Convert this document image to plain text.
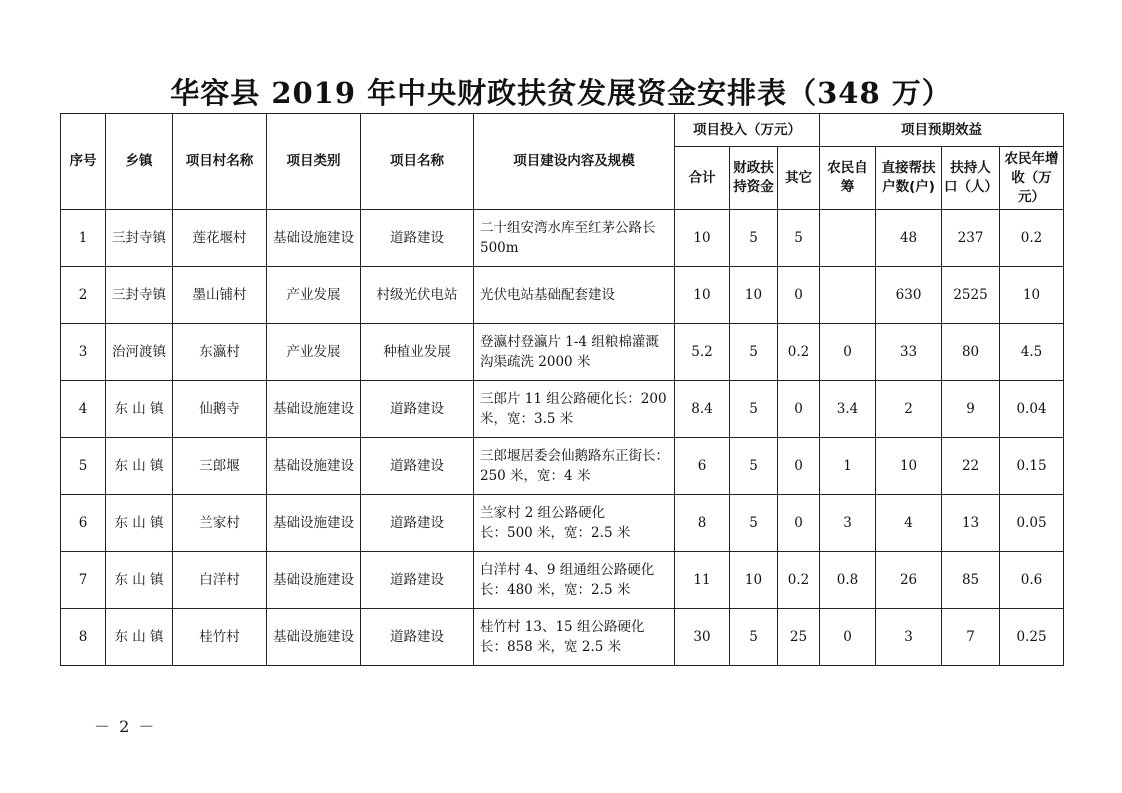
华容县 2019 年中央财政扶贫发展资金安排表（348 万）
序号	乡镇	项目村名称	项目类别	项目名称	项目建设内容及规模	项目投入（万元）			项目预期效益			
						合计	财政扶持资金	其它	农民自筹	直接帮扶户数(户)	扶持人口（人）	农民年增收（万元）
1	三封寺镇	莲花堰村	基础设施建设	道路建设	二十组安湾水库至红茅公路长 500m	10	5	5		48	237	0.2
2	三封寺镇	墨山铺村	产业发展	村级光伏电站	光伏电站基础配套建设	10	10	0		630	2525	10
3	治河渡镇	东瀛村	产业发展	种植业发展	登瀛村登瀛片 1-4 组粮棉灌溉沟渠疏洗 2000 米	5.2	5	0.2	0	33	80	4.5
4	东 山 镇	仙鹅寺	基础设施建设	道路建设	三郎片 11 组公路硬化长：200 米，宽：3.5 米	8.4	5	0	3.4	2	9	0.04
5	东 山 镇	三郎堰	基础设施建设	道路建设	三郎堰居委会仙鹅路东正街长：250 米，宽：4 米	6	5	0	1	10	22	0.15
6	东 山 镇	兰家村	基础设施建设	道路建设	兰家村 2 组公路硬化　　　长：500 米，宽：2.5 米	8	5	0	3	4	13	0.05
7	东 山 镇	白洋村	基础设施建设	道路建设	白洋村 4、9 组通组公路硬化长：480 米，宽：2.5 米	11	10	0.2	0.8	26	85	0.6
8	东 山 镇	桂竹村	基础设施建设	道路建设	桂竹村 13、15 组公路硬化 长：858 米，宽 2.5 米	30	5	25	0	3	7	0.25
－ 2 －
